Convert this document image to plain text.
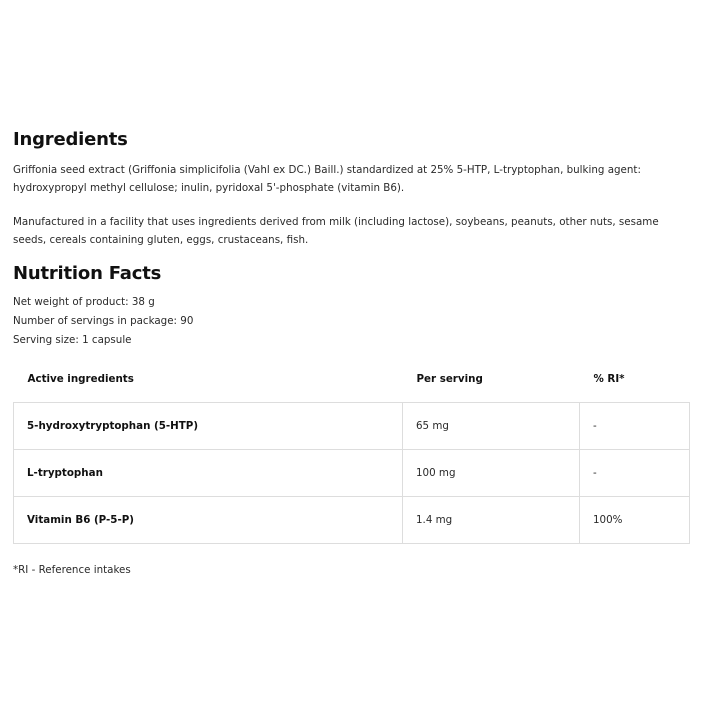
Ingredients

Griffonia seed extract (Griffonia simplicifolia (Vahl ex DC.) Baill.) standardized at 25% 5-HTP, L-tryptophan, bulking agent: hydroxypropyl methyl cellulose; inulin, pyridoxal 5'-phosphate (vitamin B6).

Manufactured in a facility that uses ingredients derived from milk (including lactose), soybeans, peanuts, other nuts, sesame seeds, cereals containing gluten, eggs, crustaceans, fish.

Nutrition Facts

Net weight of product: 38 g

Number of servings in package: 90

Serving size: 1 capsule

Active ingredients	Per serving	% RI*
5-hydroxytryptophan (5-HTP)	65 mg	-
L-tryptophan	100 mg	-
Vitamin B6 (P-5-P)	1.4 mg	100%

*RI - Reference intakes
